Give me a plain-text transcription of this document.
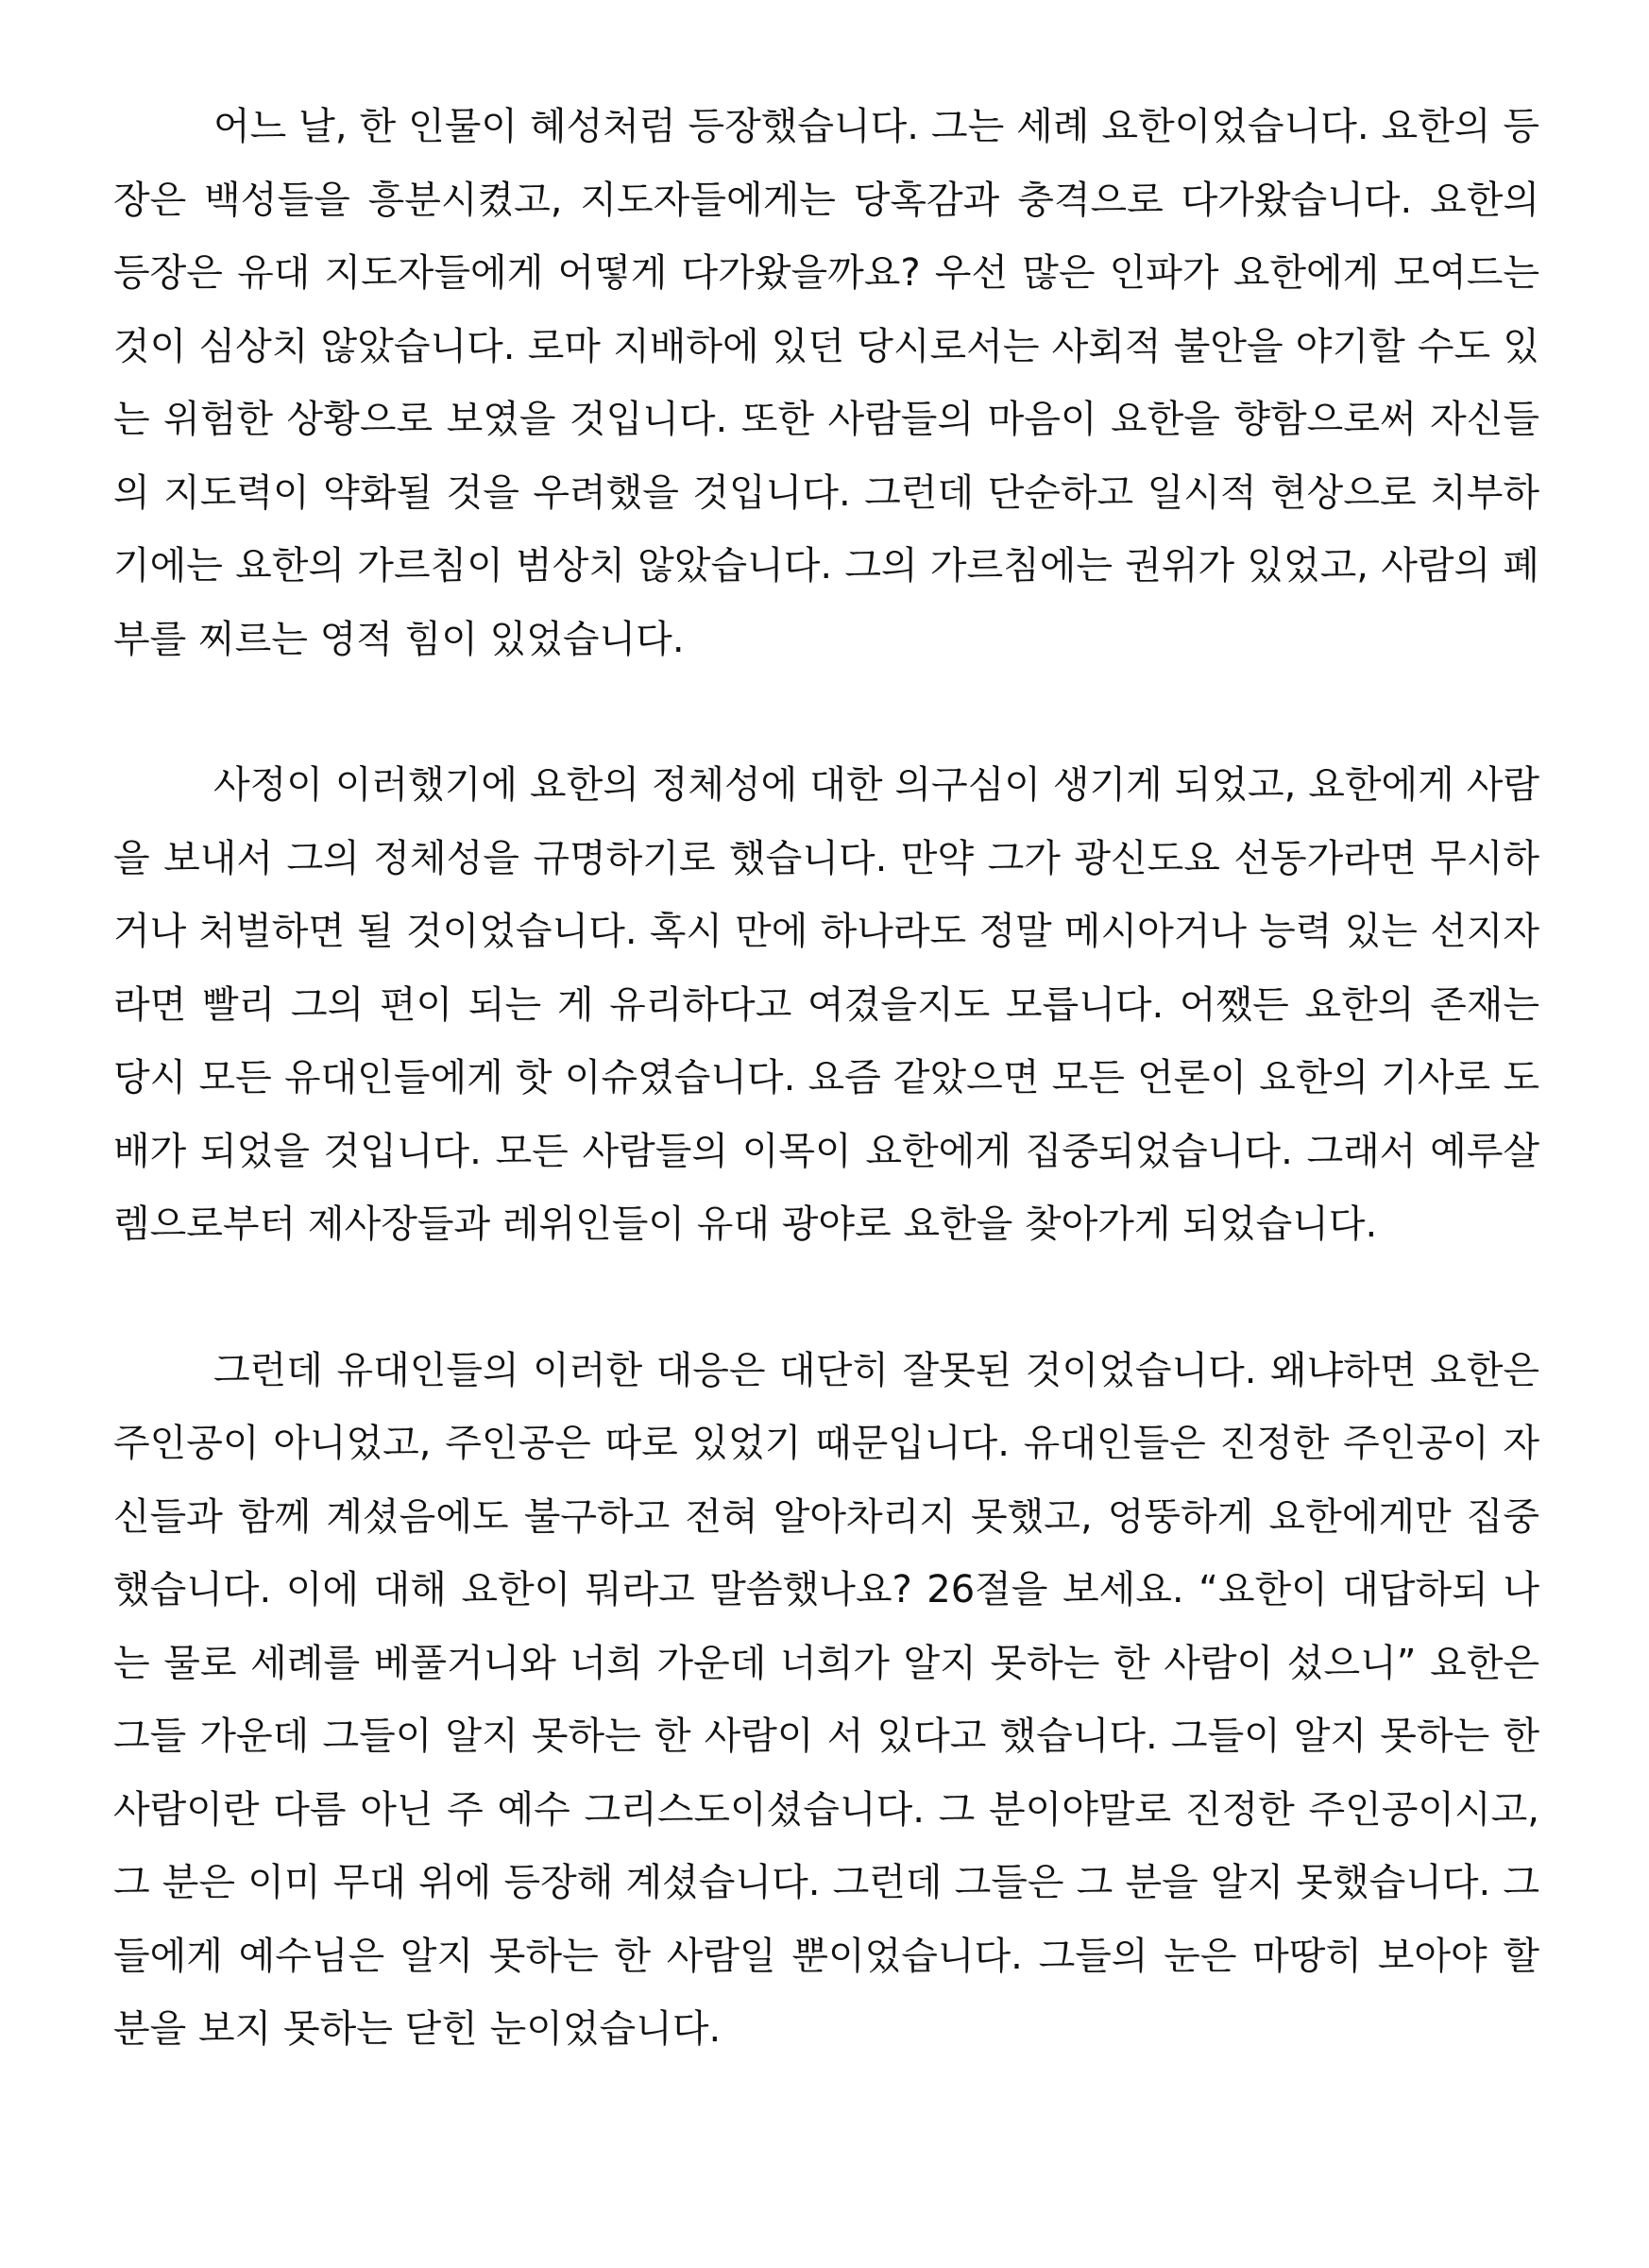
어느 날, 한 인물이 혜성처럼 등장했습니다. 그는 세례 요한이었습니다. 요한의 등장은 백성들을 흥분시켰고, 지도자들에게는 당혹감과 충격으로 다가왔습니다. 요한의 등장은 유대 지도자들에게 어떻게 다가왔을까요? 우선 많은 인파가 요한에게 모여드는 것이 심상치 않았습니다. 로마 지배하에 있던 당시로서는 사회적 불안을 야기할 수도 있는 위험한 상황으로 보였을 것입니다. 또한 사람들의 마음이 요한을 향함으로써 자신들의 지도력이 약화될 것을 우려했을 것입니다. 그런데 단순하고 일시적 현상으로 치부하기에는 요한의 가르침이 범상치 않았습니다. 그의 가르침에는 권위가 있었고, 사람의 폐부를 찌르는 영적 힘이 있었습니다.

사정이 이러했기에 요한의 정체성에 대한 의구심이 생기게 되었고, 요한에게 사람을 보내서 그의 정체성을 규명하기로 했습니다. 만약 그가 광신도요 선동가라면 무시하거나 처벌하면 될 것이었습니다. 혹시 만에 하나라도 정말 메시아거나 능력 있는 선지자라면 빨리 그의 편이 되는 게 유리하다고 여겼을지도 모릅니다. 어쨌든 요한의 존재는 당시 모든 유대인들에게 핫 이슈였습니다. 요즘 같았으면 모든 언론이 요한의 기사로 도배가 되었을 것입니다. 모든 사람들의 이목이 요한에게 집중되었습니다. 그래서 예루살렘으로부터 제사장들과 레위인들이 유대 광야로 요한을 찾아가게 되었습니다.

그런데 유대인들의 이러한 대응은 대단히 잘못된 것이었습니다. 왜냐하면 요한은 주인공이 아니었고, 주인공은 따로 있었기 때문입니다. 유대인들은 진정한 주인공이 자신들과 함께 계셨음에도 불구하고 전혀 알아차리지 못했고, 엉뚱하게 요한에게만 집중했습니다. 이에 대해 요한이 뭐라고 말씀했나요? 26절을 보세요. “요한이 대답하되 나는 물로 세례를 베풀거니와 너희 가운데 너희가 알지 못하는 한 사람이 섰으니” 요한은 그들 가운데 그들이 알지 못하는 한 사람이 서 있다고 했습니다. 그들이 알지 못하는 한 사람이란 다름 아닌 주 예수 그리스도이셨습니다. 그 분이야말로 진정한 주인공이시고, 그 분은 이미 무대 위에 등장해 계셨습니다. 그런데 그들은 그 분을 알지 못했습니다. 그들에게 예수님은 알지 못하는 한 사람일 뿐이었습니다. 그들의 눈은 마땅히 보아야 할 분을 보지 못하는 닫힌 눈이었습니다.
